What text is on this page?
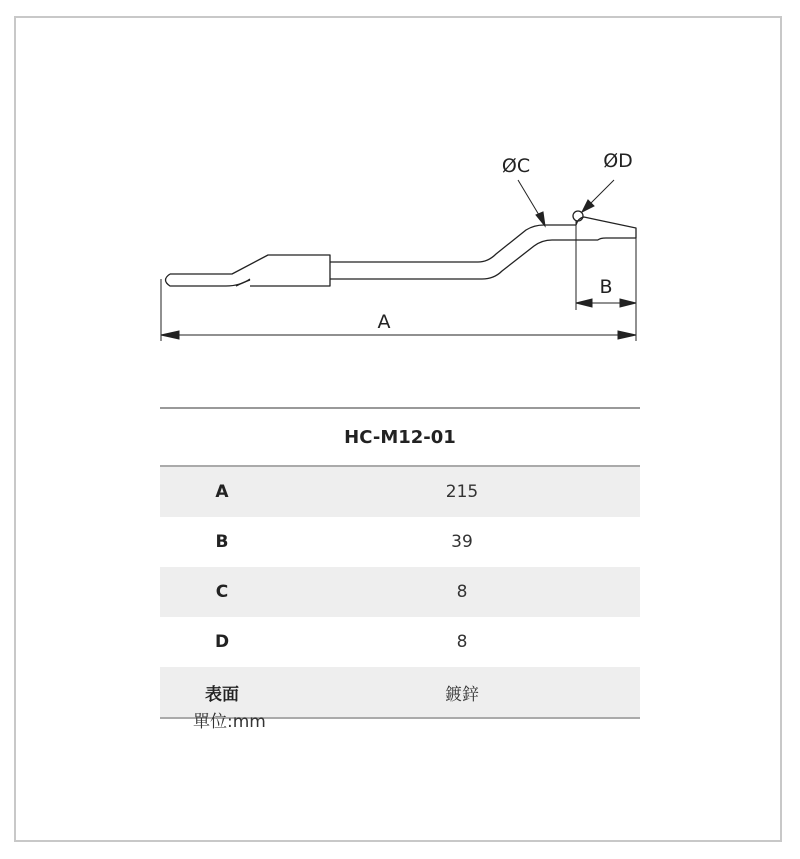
A
B
ØC	ØD
HC-M12-01	
A	215
B	39
C	8
D	8
表面	鍍鋅
單位:mm
